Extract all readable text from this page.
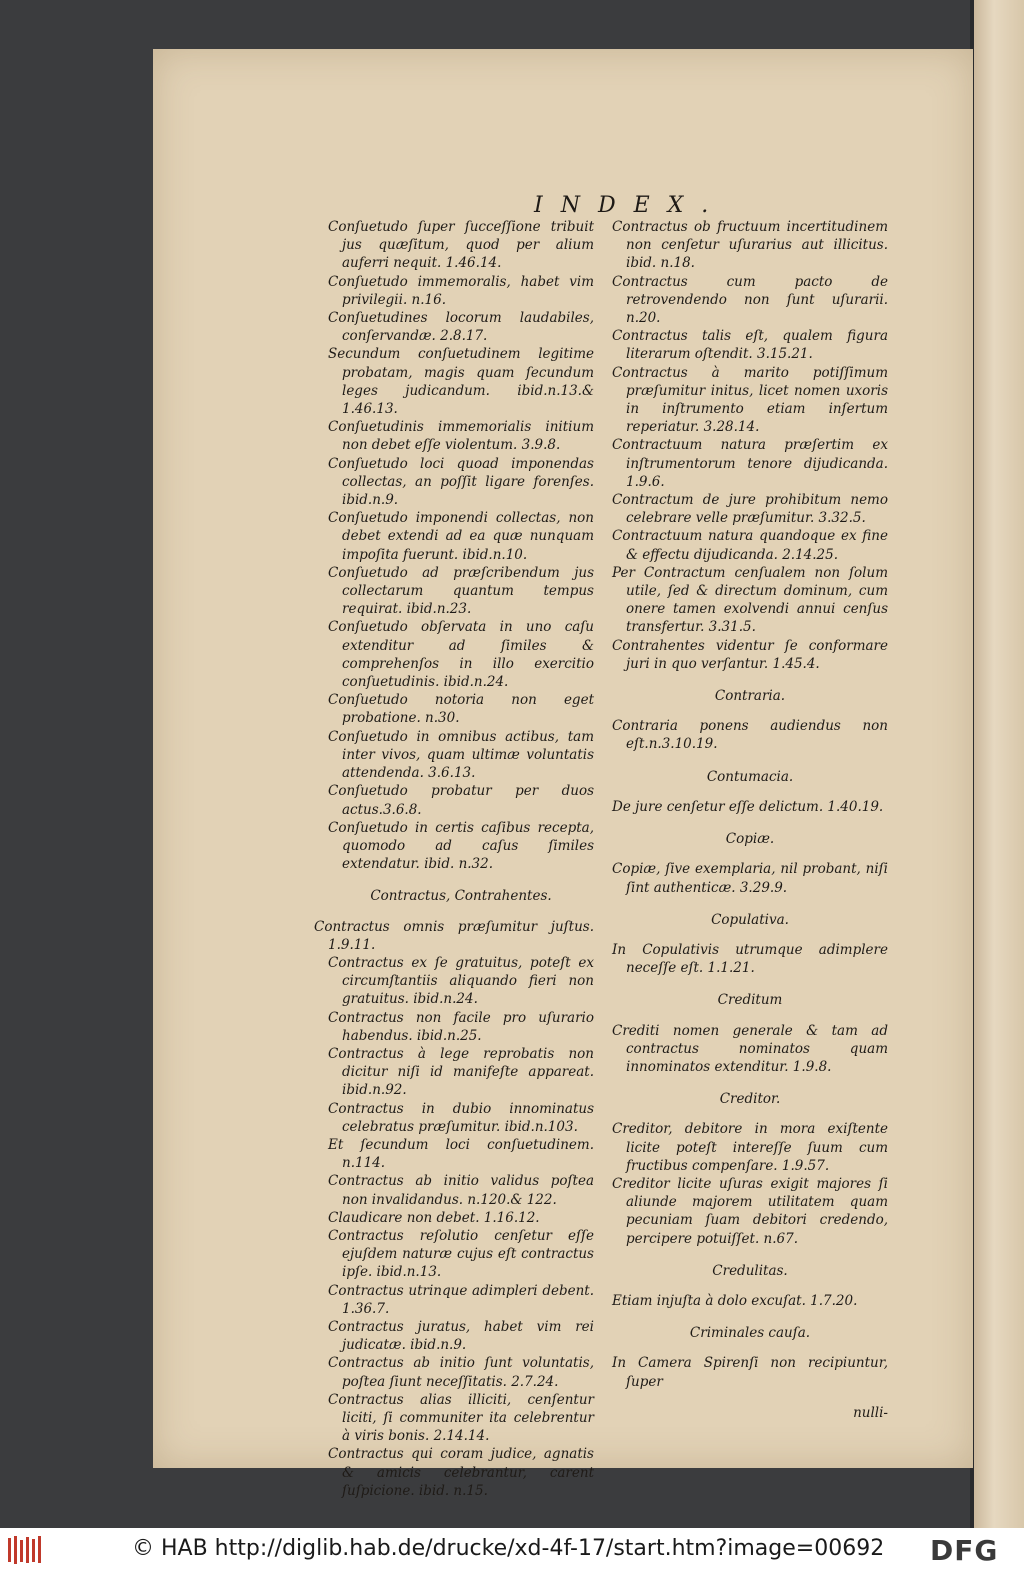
INDEX.

Conſuetudo ſuper ſucceſſione tribuit jus quæſitum, quod per alium auferri nequit. 1.46.14.

Conſuetudo immemoralis, habet vim privilegii. n.16.

Conſuetudines locorum laudabiles, conſervandæ. 2.8.17.

Secundum conſuetudinem legitime probatam, magis quam ſecundum leges judicandum. ibid.n.13.& 1.46.13.

Conſuetudinis immemorialis initium non debet eſſe violentum. 3.9.8.

Conſuetudo loci quoad imponendas collectas, an poſſit ligare forenſes. ibid.n.9.

Conſuetudo imponendi collectas, non debet extendi ad ea quæ nunquam impoſita fuerunt. ibid.n.10.

Conſuetudo ad præſcribendum jus collectarum quantum tempus requirat. ibid.n.23.

Conſuetudo obſervata in uno caſu extenditur ad ſimiles & comprehenſos in illo exercitio conſuetudinis. ibid.n.24.

Conſuetudo notoria non eget probatione. n.30.

Conſuetudo in omnibus actibus, tam inter vivos, quam ultimæ voluntatis attendenda. 3.6.13.

Conſuetudo probatur per duos actus.3.6.8.

Conſuetudo in certis caſibus recepta, quomodo ad caſus ſimiles extendatur. ibid. n.32.

Contractus, Contrahentes.

Contractus omnis præſumitur juſtus. 1.9.11.

Contractus ex ſe gratuitus, poteſt ex circumſtantiis aliquando fieri non gratuitus. ibid.n.24.

Contractus non facile pro uſurario habendus. ibid.n.25.

Contractus à lege reprobatis non dicitur niſi id manifeſte appareat. ibid.n.92.

Contractus in dubio innominatus celebratus præſumitur. ibid.n.103.

Et ſecundum loci conſuetudinem. n.114.

Contractus ab initio validus poſtea non invalidandus. n.120.& 122.

Claudicare non debet. 1.16.12.

Contractus reſolutio cenſetur eſſe ejuſdem naturæ cujus eſt contractus ipſe. ibid.n.13.

Contractus utrinque adimpleri debent. 1.36.7.

Contractus juratus, habet vim rei judicatæ. ibid.n.9.

Contractus ab initio ſunt voluntatis, poſtea ſiunt neceſſitatis. 2.7.24.

Contractus alias illiciti, cenſentur liciti, ſi communiter ita celebrentur à viris bonis. 2.14.14.

Contractus qui coram judice, agnatis & amicis celebrantur, carent ſuſpicione. ibid. n.15.

Contractus ob fructuum incertitudinem non cenſetur uſurarius aut illicitus. ibid. n.18.

Contractus cum pacto de retrovendendo non ſunt uſurarii. n.20.

Contractus talis eſt, qualem figura literarum oſtendit. 3.15.21.

Contractus à marito potiſſimum præſumitur initus, licet nomen uxoris in inſtrumento etiam inſertum reperiatur. 3.28.14.

Contractuum natura præſertim ex inſtrumentorum tenore dijudicanda. 1.9.6.

Contractum de jure prohibitum nemo celebrare velle præſumitur. 3.32.5.

Contractuum natura quandoque ex fine & effectu dijudicanda. 2.14.25.

Per Contractum cenſualem non ſolum utile, ſed & directum dominum, cum onere tamen exolvendi annui cenſus transfertur. 3.31.5.

Contrahentes videntur ſe conformare juri in quo verſantur. 1.45.4.

Contraria.

Contraria ponens audiendus non eſt.n.3.10.19.

Contumacia.

De jure cenſetur eſſe delictum. 1.40.19.

Copiæ.

Copiæ, ſive exemplaria, nil probant, niſi ſint authenticæ. 3.29.9.

Copulativa.

In Copulativis utrumque adimplere neceſſe eſt. 1.1.21.

Creditum

Crediti nomen generale & tam ad contractus nominatos quam innominatos extenditur. 1.9.8.

Creditor.

Creditor, debitore in mora exiſtente licite poteſt intereſſe ſuum cum fructibus compenſare. 1.9.57.

Creditor licite uſuras exigit majores ſi aliunde majorem utilitatem quam pecuniam ſuam debitori credendo, percipere potuiſſet. n.67.

Credulitas.

Etiam injuſta à dolo excuſat. 1.7.20.

Criminales cauſa.

In Camera Spirenſi non recipiuntur, ſuper

nulli-

© HAB http://diglib.hab.de/drucke/xd-4f-17/start.htm?image=00692 DFG
